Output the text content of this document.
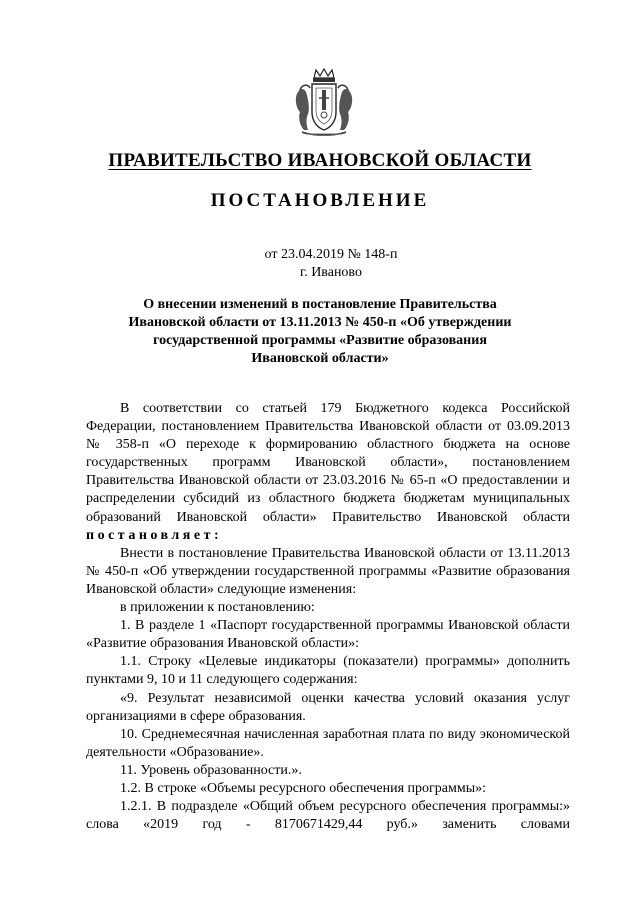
ПРАВИТЕЛЬСТВО ИВАНОВСКОЙ ОБЛАСТИ
ПОСТАНОВЛЕНИЕ
от 23.04.2019 № 148-п
г. Иваново
О внесении изменений в постановление Правительства
Ивановской области от 13.11.2013 № 450-п «Об утверждении
государственной программы «Развитие образования
Ивановской области»

В соответствии со статьей 179 Бюджетного кодекса Российской Федерации, постановлением Правительства Ивановской области от 03.09.2013 № 358-п «О переходе к формированию областного бюджета на основе государственных программ Ивановской области», постановлением Правительства Ивановской области от 23.03.2016 № 65-п «О предоставлении и распределении субсидий из областного бюджета бюджетам муниципальных образований Ивановской области» Правительство Ивановской области

постановляет:

Внести в постановление Правительства Ивановской области от 13.11.2013 № 450-п «Об утверждении государственной программы «Развитие образования Ивановской области» следующие изменения:

в приложении к постановлению:

1. В разделе 1 «Паспорт государственной программы Ивановской области «Развитие образования Ивановской области»:

1.1. Строку «Целевые индикаторы (показатели) программы» дополнить пунктами 9, 10 и 11 следующего содержания:

«9. Результат независимой оценки качества условий оказания услуг организациями в сфере образования.

10. Среднемесячная начисленная заработная плата по виду экономической деятельности «Образование».

11. Уровень образованности.».

1.2. В строке «Объемы ресурсного обеспечения программы»:

1.2.1. В подразделе «Общий объем ресурсного обеспечения программы:» слова «2019 год - 8170671429,44 руб.» заменить словами
